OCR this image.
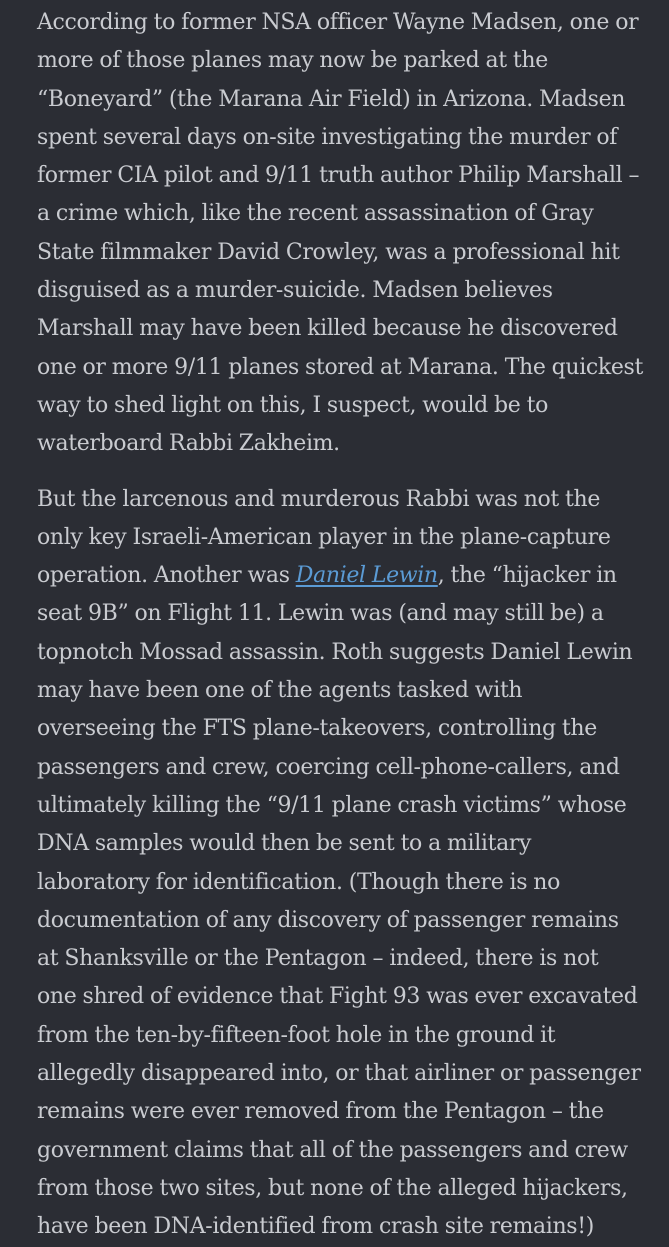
According to former NSA officer Wayne Madsen, one or more of those planes may now be parked at the “Boneyard” (the Marana Air Field) in Arizona. Madsen spent several days on-site investigating the murder of former CIA pilot and 9/11 truth author Philip Marshall – a crime which, like the recent assassination of Gray State filmmaker David Crowley, was a professional hit disguised as a murder-suicide. Madsen believes Marshall may have been killed because he discovered one or more 9/11 planes stored at Marana. The quickest way to shed light on this, I suspect, would be to waterboard Rabbi Zakheim.

But the larcenous and murderous Rabbi was not the only key Israeli-American player in the plane-capture operation. Another was Daniel Lewin, the “hijacker in seat 9B” on Flight 11. Lewin was (and may still be) a topnotch Mossad assassin. Roth suggests Daniel Lewin may have been one of the agents tasked with overseeing the FTS plane-takeovers, controlling the passengers and crew, coercing cell-phone-callers, and ultimately killing the “9/11 plane crash victims” whose DNA samples would then be sent to a military laboratory for identification. (Though there is no documentation of any discovery of passenger remains at Shanksville or the Pentagon – indeed, there is not one shred of evidence that Fight 93 was ever excavated from the ten-by-fifteen-foot hole in the ground it allegedly disappeared into, or that airliner or passenger remains were ever removed from the Pentagon – the government claims that all of the passengers and crew from those two sites, but none of the alleged hijackers, have been DNA-identified from crash site remains!)
